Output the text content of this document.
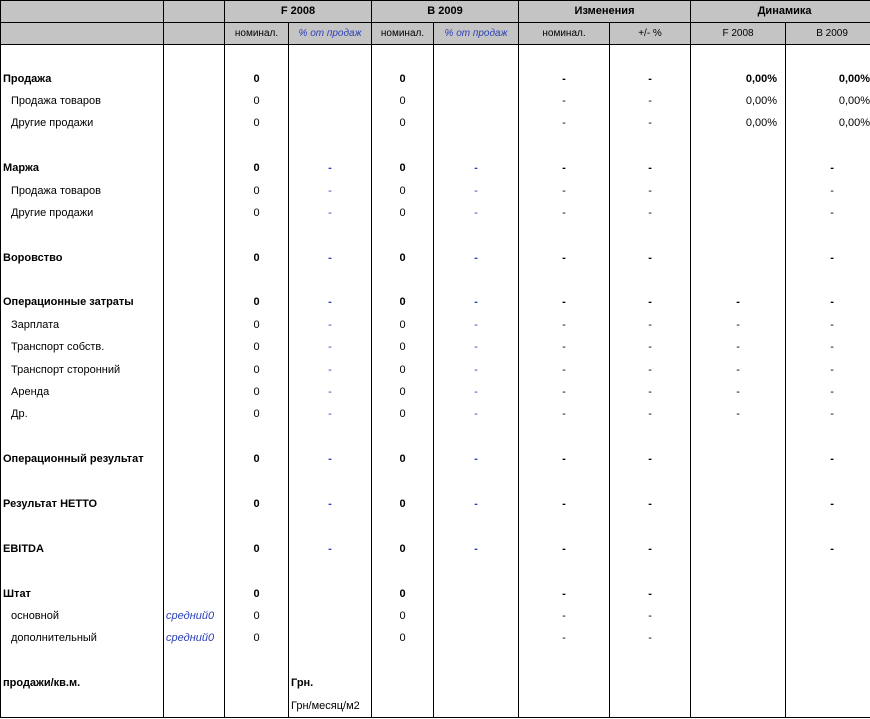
		F 2008		B 2009		Изменения		Динамика		
		номинал.	% от продаж	номинал.	% от продаж	номинал.	+/- %	F 2008	B 2009	

Продажа		0		0		-	-	0,00%	0,00%	
Продажа товаров		0		0		-	-	0,00%	0,00%	
Другие продажи		0		0		-	-	0,00%	0,00%	

Маржа		0	-	0	-	-	-		-	
Продажа товаров		0	-	0	-	-	-		-	
Другие продажи		0	-	0	-	-	-		-	

Воровство		0	-	0	-	-	-		-	

Операционные затраты		0	-	0	-	-	-	-	-	
Зарплата		0	-	0	-	-	-	-	-	
Транспорт собств.		0	-	0	-	-	-	-	-	
Транспорт сторонний		0	-	0	-	-	-	-	-	
Аренда		0	-	0	-	-	-	-	-	
Др.		0	-	0	-	-	-	-	-	

Операционный результат		0	-	0	-	-	-		-	

Результат НЕТТО		0	-	0	-	-	-		-	

EBITDA		0	-	0	-	-	-		-	

Штат		0		0		-	-			
основной	средний0	0		0		-	-			
дополнительный	средний0	0		0		-	-			

продажи/кв.м.			Грн.							
			Грн/месяц/м2							
